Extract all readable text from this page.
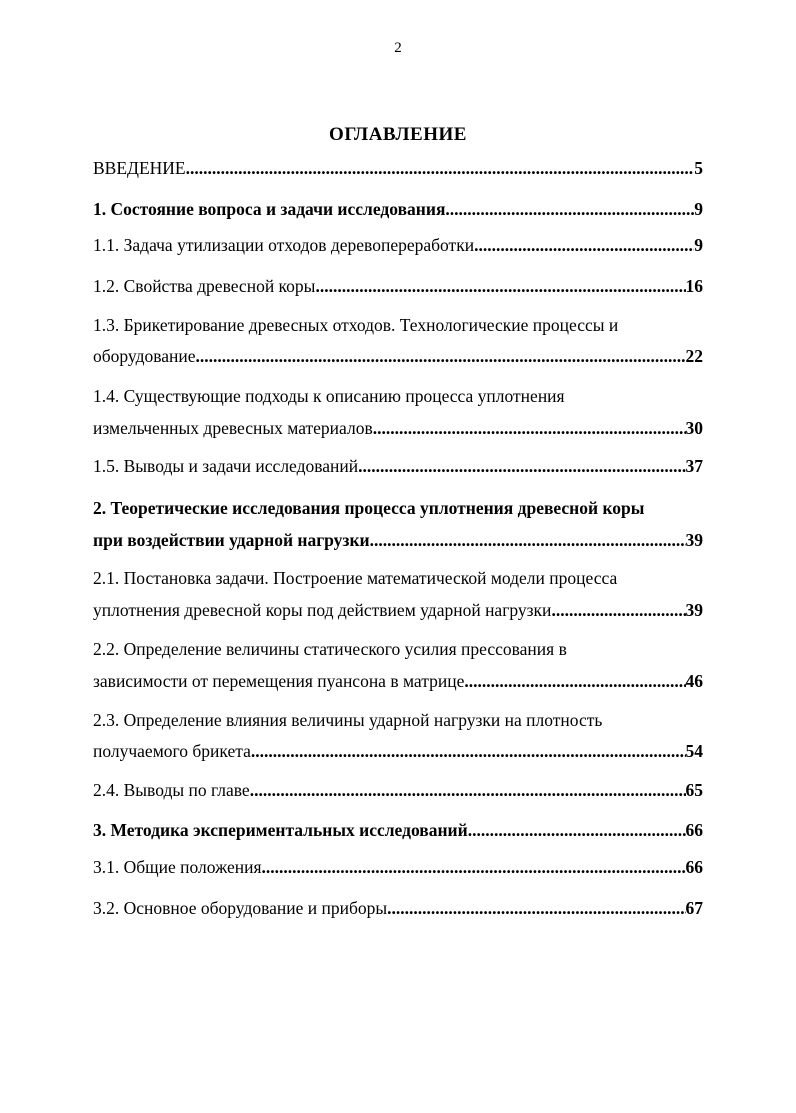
2
ОГЛАВЛЕНИЕ
ВВЕДЕНИЕ .....	5
1. Состояние вопроса и задачи исследования .....	9
1.1. Задача утилизации отходов деревопереработки .....	9
1.2. Свойства древесной коры .....	16
1.3. Брикетирование древесных отходов. Технологические процессы и
оборудование .....	22
1.4. Существующие подходы к описанию процесса уплотнения
измельченных древесных материалов .....	30
1.5. Выводы и задачи исследований .....	37
2. Теоретические исследования процесса уплотнения древесной коры
при воздействии ударной нагрузки .....	39
2.1. Постановка задачи. Построение математической модели процесса
уплотнения древесной коры под действием ударной нагрузки .....	39
2.2. Определение величины статического усилия прессования в
зависимости от перемещения пуансона в матрице .....	46
2.3. Определение влияния величины ударной нагрузки на плотность
получаемого брикета .....	54
2.4. Выводы по главе .....	65
3. Методика экспериментальных исследований .....	66
3.1. Общие положения .....	66
3.2. Основное оборудование и приборы .....	67
